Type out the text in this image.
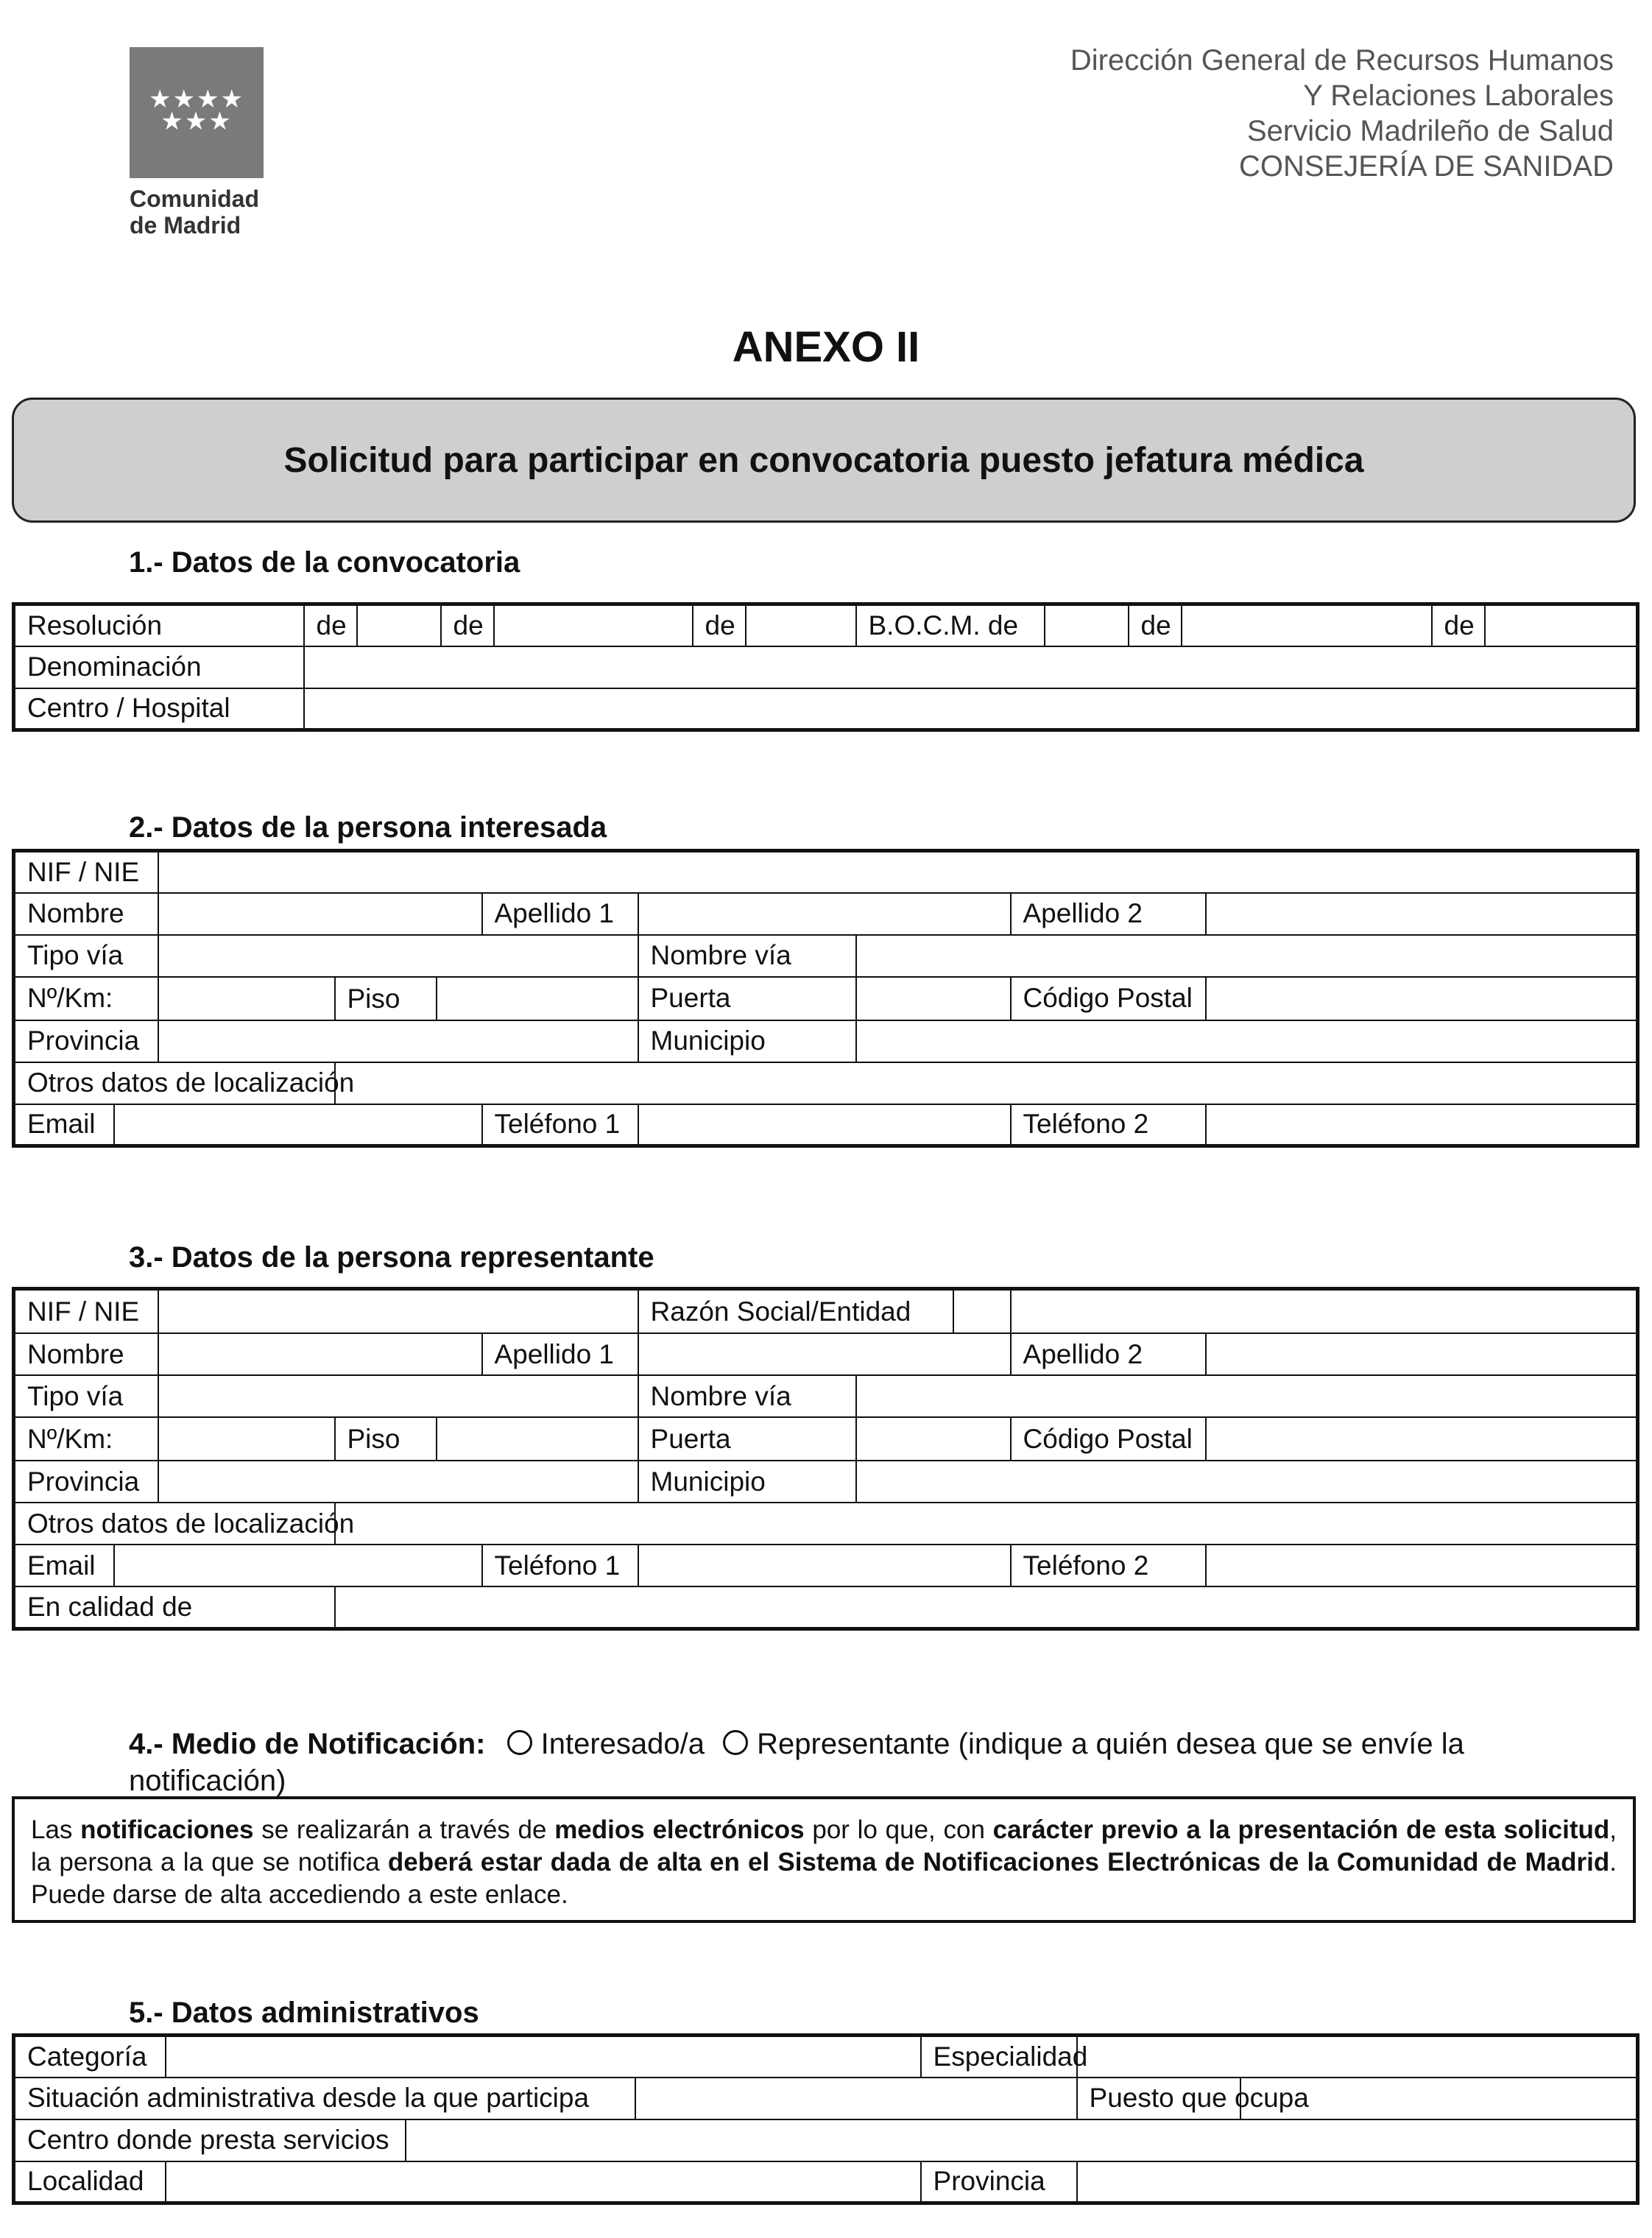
★★★★
★★★
Comunidad
de Madrid
Dirección General de Recursos Humanos
Y Relaciones Laborales
Servicio Madrileño de Salud
CONSEJERÍA DE SANIDAD
ANEXO II
Solicitud para participar en convocatoria puesto jefatura médica
1.- Datos de la convocatoria
Resolución	de		de		de		B.O.C.M. de		de		de	
Denominación												
Centro / Hospital												
2.- Datos de la persona interesada
NIF / NIE								
Nombre				Apellido 1			Apellido 2	
Tipo vía					Nombre vía			
Nº/Km:			Piso		Puerta		Código Postal	
Provincia					Municipio			
Otros datos de localización								
Email				Teléfono 1			Teléfono 2	
3.- Datos de la persona representante
NIF / NIE					Razón Social/Entidad			

Nombre				Apellido 1			Apellido 2	
Tipo vía					Nombre vía			
Nº/Km:			Piso		Puerta		Código Postal	
Provincia					Municipio			
Otros datos de localización								
Email				Teléfono 1			Teléfono 2	
En calidad de								
4.- Medio de Notificación: Interesado/a Representante (indique a quién desea que se envíe la notificación)
Las notificaciones se realizarán a través de medios electrónicos por lo que, con carácter previo a la presentación de esta solicitud, la persona a la que se notifica deberá estar dada de alta en el Sistema de Notificaciones Electrónicas de la Comunidad de Madrid. Puede darse de alta accediendo a este enlace.
5.- Datos administrativos
Categoría				Especialidad		
Situación administrativa desde la que participa					Puesto que ocupa	
Centro donde presta servicios						
Localidad				Provincia		
